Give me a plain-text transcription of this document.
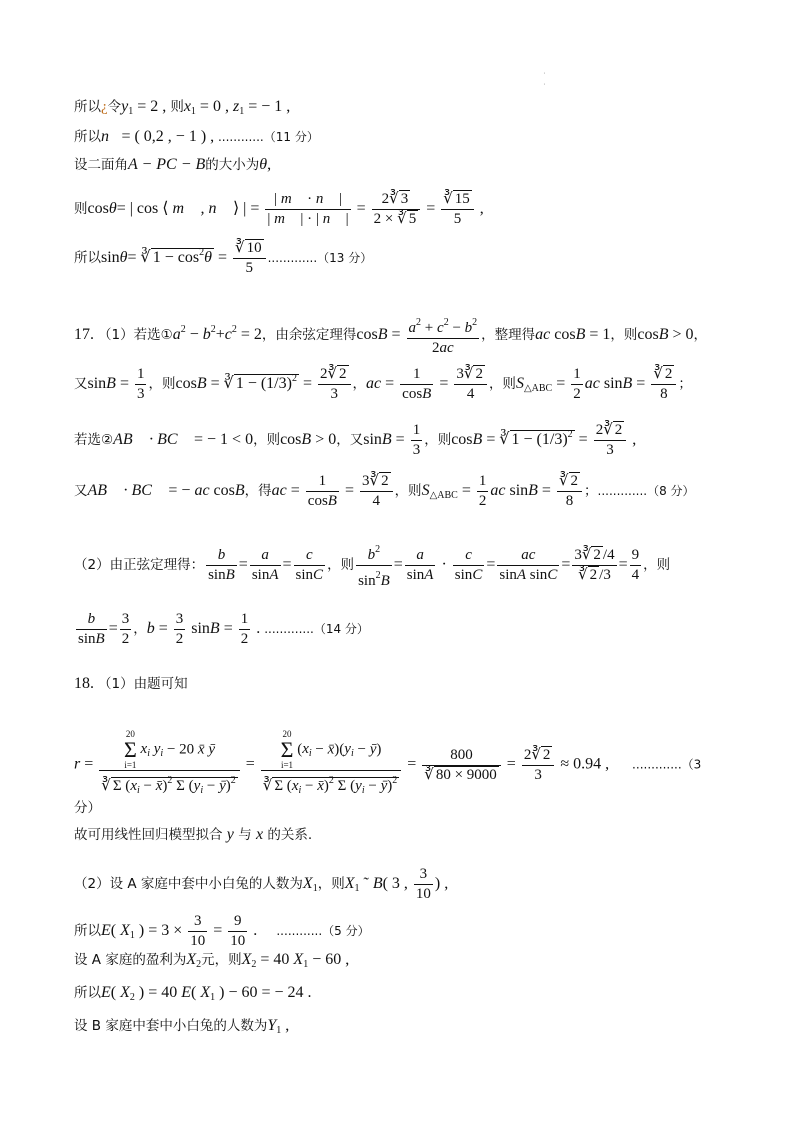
˙
˙
所以¿令$y_1 = 2$ , 则$x_1 = 0$ , $z_1$ = − 1 ,
所以n⃗= ( 0,2 , − 1 ) , ............（11 分）
设二面角A − PC − B的大小为θ,
则cosθ= | cos ⟨ m⃗ , n⃗ ⟩ | = $\frac{| m⃗ \cdot n⃗ |}{| m⃗ | \cdot | n⃗ |} = \frac{2∛ 3}{2 \times ∛ 5} = \frac{∛ 15}{5}$ ,
所以sinθ= ∛ $1 - \cos^2\theta = \frac{∛ 10}{5} .............(13$ 分）
17. （1）若选$①a^2 - b^2+c^2 = 2$，由余弦定理得$\cos B = \frac{a^2 + c^2 - b^2}{2ac}$ ，整理得ac cosB = 1，则cosB > 0，
又$\sin B = \frac{1}{3}$ ，则cosB = ∛ $1 - (1/3)^2 = \frac{2∛ 2}{3}$ ，ac = $\frac{1}{\cos B} = \frac{3∛ 2}{4}$ ，则$S_{\triangle ABC} = \frac{1}{2}$ ac $\sin B = \frac{∛ 2}{8}$ ；
若选②AB⃗ · BC⃗ = − 1 < 0，则cosB > 0，又$\sin B = \frac{1}{3}$ ，则cosB = ∛ $1 - (1/3)^2 = \frac{2∛ 2}{3}$ ,
又AB⃗ · BC⃗ = − ac cosB，得ac = $\frac{1}{\cos B} = \frac{3∛ 2}{4}$ ，则$S_{\triangle ABC} = \frac{1}{2}$ ac $\sin B = \frac{∛ 2}{8}$ ；.............（8 分）
（2）由正弦定理得： $\frac{b}{\sin B} = \frac{a}{\sin A} = \frac{c}{\sin C}$ ，则 $\frac{b^2}{\sin^2B} = \frac{a}{\sin A} \cdot \frac{c}{\sin C} = \frac{ac}{\text{sinA sinC}} = \frac{3∛ 2 /4}{∛ 2 /3} = \frac{9}{4}$ ，则
$\frac{b}{\sin B} = \frac{3}{2}$ ，$b = \frac{3}{2}$ $\sin B = \frac{1}{2}$ . .............（14 分）
18. （1）由题可知
r = 20
Σ
i=1
$x_i$ $y_i - 20$ x̄ ȳ
∛ Σ ($x_i$ − x̄)$^2$ Σ ($y_i$ − ȳ)$^2$ = 20
Σ
i=1
($x_i$ − $x̄)(y_i$ − ȳ)
∛ Σ ($x_i$ − x̄)$^2$ Σ ($y_i$ − ȳ)$^2$ = $\frac{800}{∛ 80 \times 9000} = \frac{2∛ 2}{3} \approx 0.94$ ,      .............（3
分）
故可用线性回归模型拟合 y 与 x 的关系.
（2）设 A 家庭中套中小白兔的人数为$X_1$，则$X_1$ ˜ B( 3 , $\frac{3}{10}$ ) ,
所以E( $X_1$ ) = $3 \times \frac{3}{10} = \frac{9}{10}$ .     ............（5 分）
设 A 家庭的盈利为$X_2$元，则$X_2 = 40$ $X_1 - 60$ ,
所以E( $X_2$ ) = 40 E( $X_1$ ) − 60 = − 24 .
设 B 家庭中套中小白兔的人数为$Y_1$ ,
